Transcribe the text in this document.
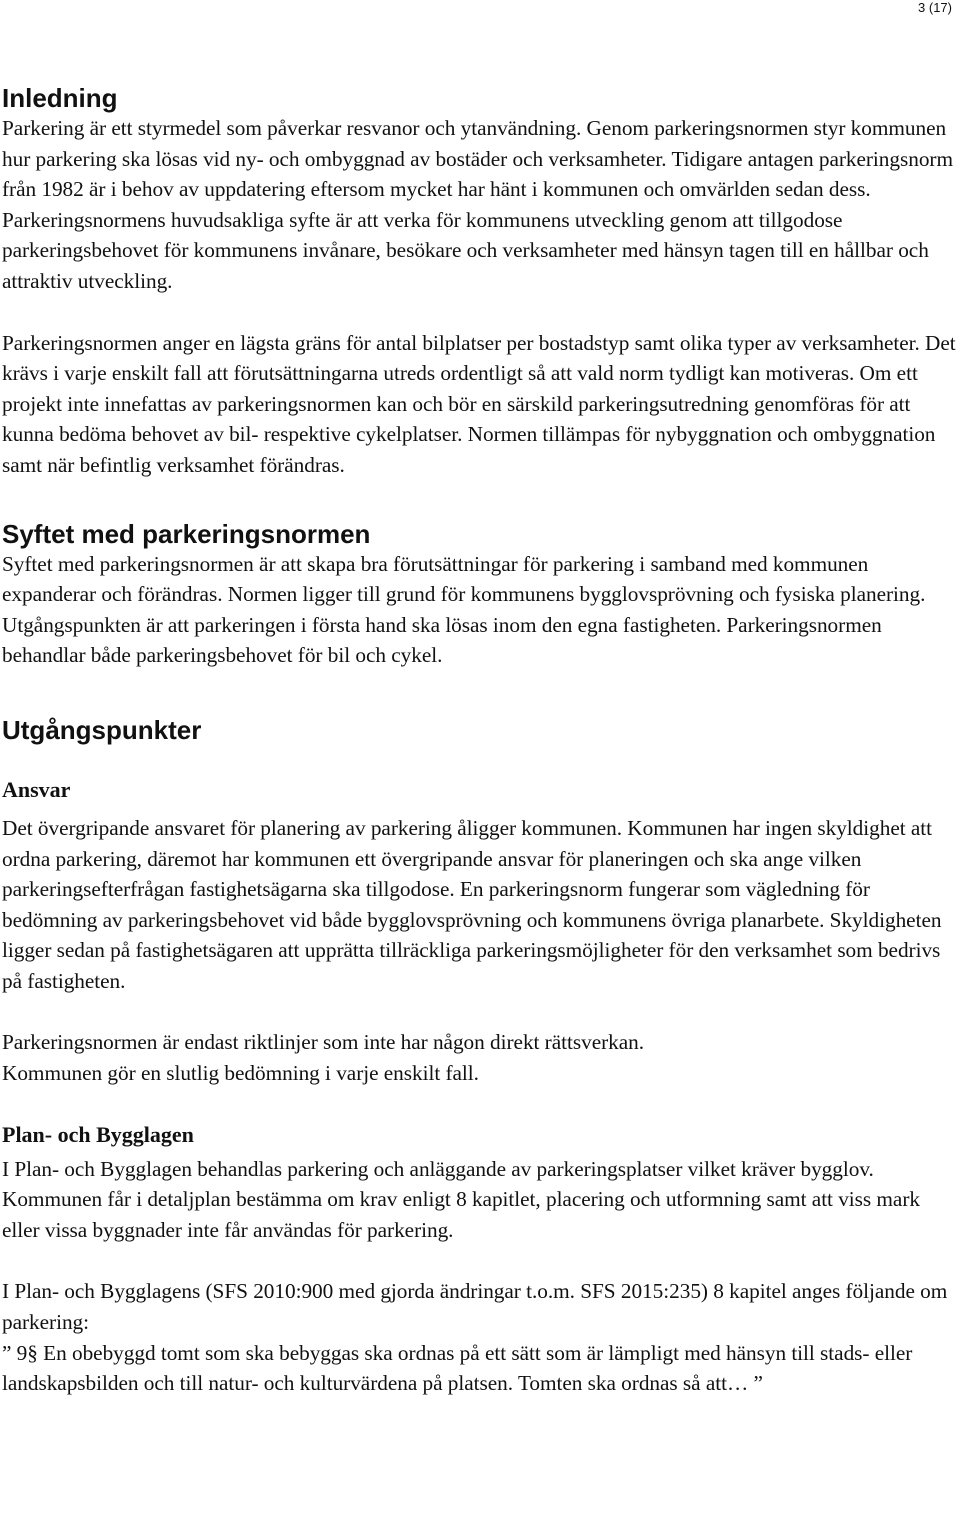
3 (17)
Inledning

Parkering är ett styrmedel som påverkar resvanor och ytanvändning. Genom parkeringsnormen styr kommunen hur parkering ska lösas vid ny- och ombyggnad av bostäder och verksamheter. Tidigare antagen parkeringsnorm från 1982 är i behov av uppdatering eftersom mycket har hänt i kommunen och omvärlden sedan dess. Parkeringsnormens huvudsakliga syfte är att verka för kommunens utveckling genom att tillgodose parkeringsbehovet för kommunens invånare, besökare och verksamheter med hänsyn tagen till en hållbar och attraktiv utveckling.

Parkeringsnormen anger en lägsta gräns för antal bilplatser per bostadstyp samt olika typer av verksamheter. Det krävs i varje enskilt fall att förutsättningarna utreds ordentligt så att vald norm tydligt kan motiveras. Om ett projekt inte innefattas av parkeringsnormen kan och bör en särskild parkeringsutredning genomföras för att kunna bedöma behovet av bil- respektive cykelplatser. Normen tillämpas för nybyggnation och ombyggnation samt när befintlig verksamhet förändras.

Syftet med parkeringsnormen

Syftet med parkeringsnormen är att skapa bra förutsättningar för parkering i samband med kommunen expanderar och förändras. Normen ligger till grund för kommunens bygglovsprövning och fysiska planering. Utgångspunkten är att parkeringen i första hand ska lösas inom den egna fastigheten. Parkeringsnormen behandlar både parkeringsbehovet för bil och cykel.

Utgångspunkter
Ansvar

Det övergripande ansvaret för planering av parkering åligger kommunen. Kommunen har ingen skyldighet att ordna parkering, däremot har kommunen ett övergripande ansvar för planeringen och ska ange vilken parkeringsefterfrågan fastighetsägarna ska tillgodose. En parkeringsnorm fungerar som vägledning för bedömning av parkeringsbehovet vid både bygglovsprövning och kommunens övriga planarbete. Skyldigheten ligger sedan på fastighetsägaren att upprätta tillräckliga parkeringsmöjligheter för den verksamhet som bedrivs på fastigheten.

Parkeringsnormen är endast riktlinjer som inte har någon direkt rättsverkan.
Kommunen gör en slutlig bedömning i varje enskilt fall.

Plan- och Bygglagen

I Plan- och Bygglagen behandlas parkering och anläggande av parkeringsplatser vilket kräver bygglov. Kommunen får i detaljplan bestämma om krav enligt 8 kapitlet, placering och utformning samt att viss mark eller vissa byggnader inte får användas för parkering.

I Plan- och Bygglagens (SFS 2010:900 med gjorda ändringar t.o.m. SFS 2015:235) 8 kapitel anges följande om parkering:

” 9§ En obebyggd tomt som ska bebyggas ska ordnas på ett sätt som är lämpligt med hänsyn till stads- eller landskapsbilden och till natur- och kulturvärdena på platsen. Tomten ska ordnas så att… ”
